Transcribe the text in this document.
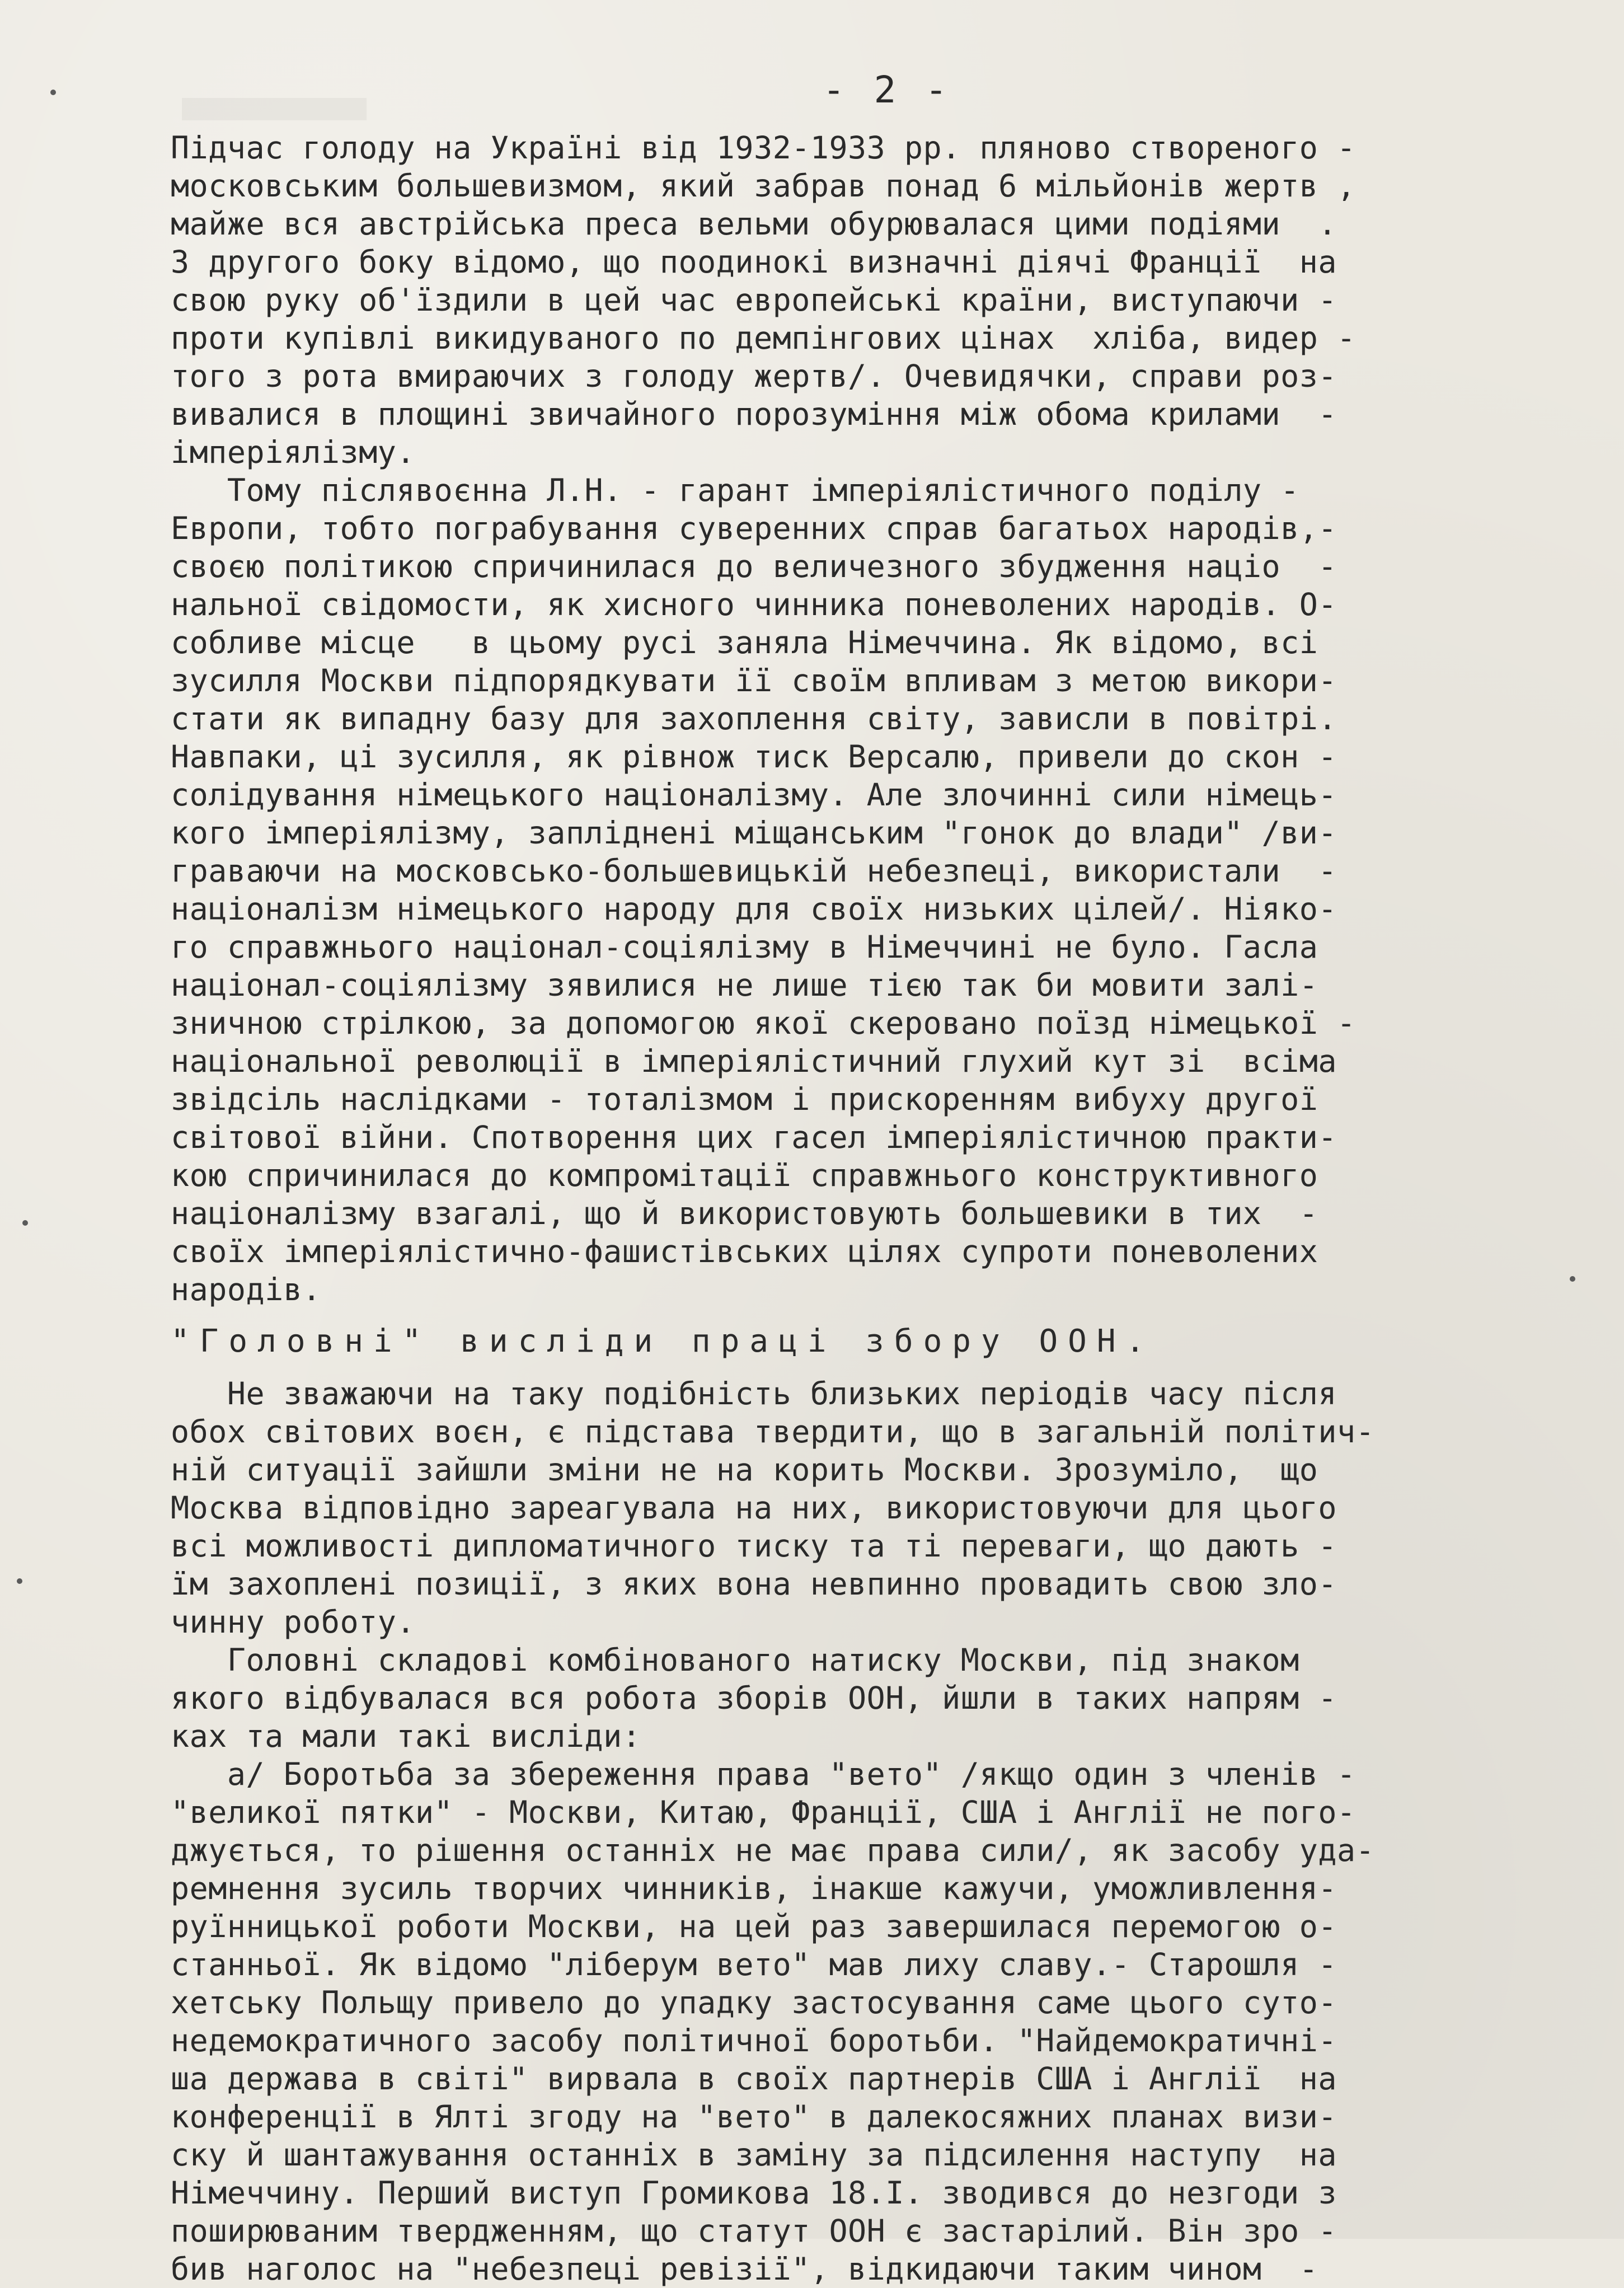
- 2 -
Підчас голоду на Україні від 1932-1933 рр. пляново створеного -
московським большевизмом, який забрав понад 6 мільйонів жертв ,
майже вся австрійська преса вельми обурювалася цими подіями  .
З другого боку відомо, що поодинокі визначні діячі Франції  на
свою руку об'їздили в цей час европейські країни, виступаючи -
проти купівлі викидуваного по демпінгових цінах  хліба, видер -
того з рота вмираючих з голоду жертв/. Очевидячки, справи роз-
вивалися в площині звичайного порозуміння між обома крилами  -
імперіялізму.
Тому післявоєнна Л.Н. - гарант імперіялістичного поділу -
Европи, тобто пограбування суверенних справ багатьох народів,-
своєю політикою спричинилася до величезного збудження націо  -
нальної свідомости, як хисного чинника поневолених народів. О-
собливе місце   в цьому русі заняла Німеччина. Як відомо, всі
зусилля Москви підпорядкувати її своїм впливам з метою викори-
стати як випадну базу для захоплення світу, зависли в повітрі.
Навпаки, ці зусилля, як рівнож тиск Версалю, привели до скон -
солідування німецького націоналізму. Але злочинні сили німець-
кого імперіялізму, запліднені міщанським "гонок до влади" /ви-
граваючи на московсько-большевицькій небезпеці, використали  -
націоналізм німецького народу для своїх низьких цілей/. Ніяко-
го справжнього націонал-соціялізму в Німеччині не було. Гасла
націонал-соціялізму зявилися не лише тією так би мовити залі-
зничною стрілкою, за допомогою якої скеровано поїзд німецької -
національної революції в імперіялістичний глухий кут зі  всіма
звідсіль наслідками - тоталізмом і прискоренням вибуху другої
світової війни. Спотворення цих гасел імперіялістичною практи-
кою спричинилася до компромітації справжнього конструктивного
націоналізму взагалі, що й використовують большевики в тих  -
своїх імперіялістично-фашистівських цілях супроти поневолених
народів.
"Головні" вислiди праці збору ООН.
Не зважаючи на таку подібність близьких періодів часу після
обох світових воєн, є підстава твердити, що в загальній політич-
ній ситуації зайшли зміни не на корить Москви. Зрозуміло,  що
Москва відповідно зареагувала на них, використовуючи для цього
всі можливості дипломатичного тиску та ті переваги, що дають -
їм захоплені позиції, з яких вона невпинно провадить свою зло-
чинну роботу.
Головні складові комбінованого натиску Москви, під знаком
якого відбувалася вся робота зборів ООН, йшли в таких напрям -
ках та мали такі вислiди:
а/ Боротьба за збереження права "вето" /якщо один з членів -
"великої пятки" - Москви, Китаю, Франції, США і Англії не пого-
джується, то рішення останніх не має права сили/, як засобу уда-
ремнення зусиль творчих чинників, інакше кажучи, уможливлення-
руїнницької роботи Москви, на цей раз завершилася перемогою о-
станньої. Як відомо "ліберум вето" мав лиху славу.- Старошля -
хетську Польщу привело до упадку застосування саме цього суто-
недемократичного засобу політичної боротьби. "Найдемократичні-
ша держава в світі" вирвала в своїх партнерів США і Англії  на
конференції в Ялті згоду на "вето" в далекосяжних планах визи-
ску й шантажування останніх в заміну за підсилення наступу  на
Німеччину. Перший виступ Громикова 18.І. зводився до незгоди з
поширюваним твердженням, що статут ООН є застарілий. Він зро -
бив наголос на "небезпеці ревізії", відкидаючи таким чином  -
